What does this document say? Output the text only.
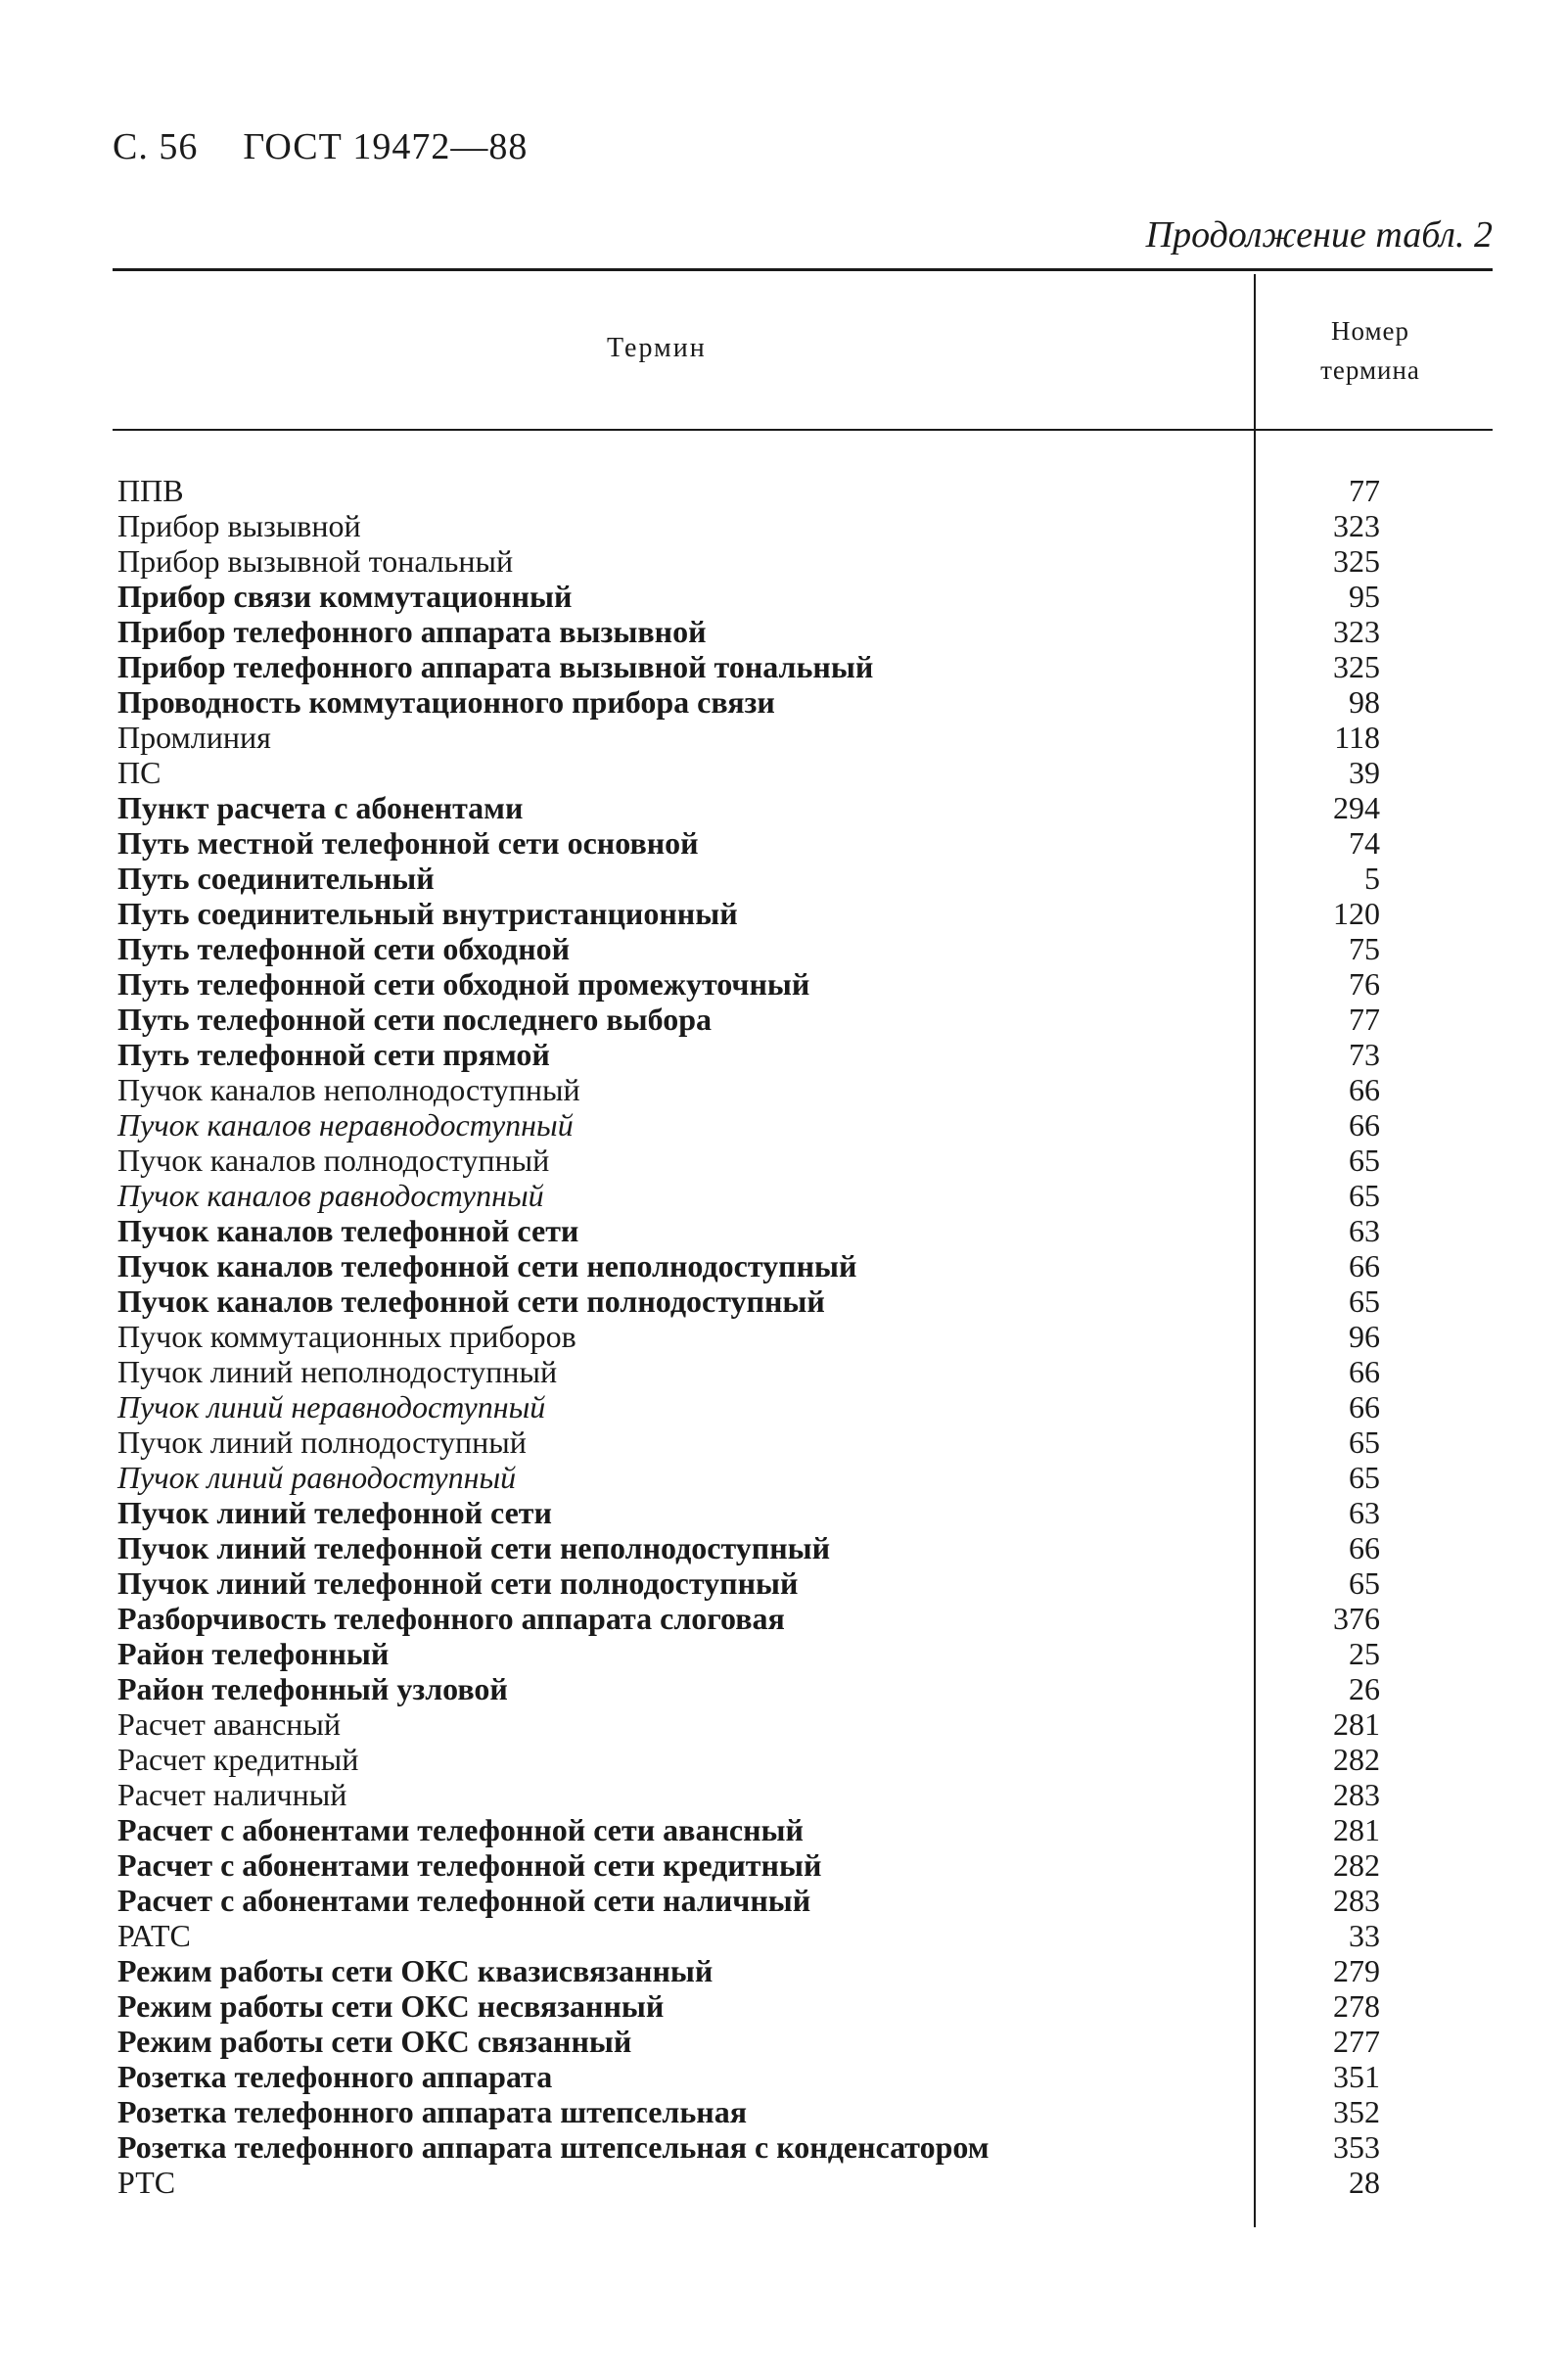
С. 56 ГОСТ 19472—88
Продолжение табл. 2
Термин
Номер
термина
ППВ	77
Прибор вызывной	323
Прибор вызывной тональный	325
Прибор связи коммутационный	95
Прибор телефонного аппарата вызывной	323
Прибор телефонного аппарата вызывной тональный	325
Проводность коммутационного прибора связи	98
Промлиния	118
ПС	39
Пункт расчета с абонентами	294
Путь местной телефонной сети основной	74
Путь соединительный	5
Путь соединительный внутристанционный	120
Путь телефонной сети обходной	75
Путь телефонной сети обходной промежуточный	76
Путь телефонной сети последнего выбора	77
Путь телефонной сети прямой	73
Пучок каналов неполнодоступный	66
Пучок каналов неравнодоступный	66
Пучок каналов полнодоступный	65
Пучок каналов равнодоступный	65
Пучок каналов телефонной сети	63
Пучок каналов телефонной сети неполнодоступный	66
Пучок каналов телефонной сети полнодоступный	65
Пучок коммутационных приборов	96
Пучок линий неполнодоступный	66
Пучок линий неравнодоступный	66
Пучок линий полнодоступный	65
Пучок линий равнодоступный	65
Пучок линий телефонной сети	63
Пучок линий телефонной сети неполнодоступный	66
Пучок линий телефонной сети полнодоступный	65
Разборчивость телефонного аппарата слоговая	376
Район телефонный	25
Район телефонный узловой	26
Расчет авансный	281
Расчет кредитный	282
Расчет наличный	283
Расчет с абонентами телефонной сети авансный	281
Расчет с абонентами телефонной сети кредитный	282
Расчет с абонентами телефонной сети наличный	283
РАТС	33
Режим работы сети ОКС квазисвязанный	279
Режим работы сети ОКС несвязанный	278
Режим работы сети ОКС связанный	277
Розетка телефонного аппарата	351
Розетка телефонного аппарата штепсельная	352
Розетка телефонного аппарата штепсельная с конденсатором	353
РТС	28
